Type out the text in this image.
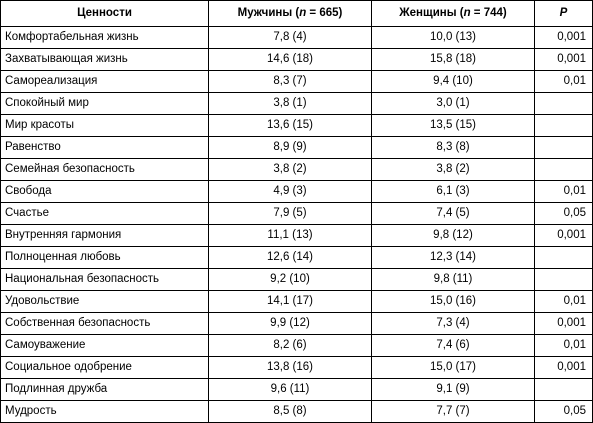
Ценности	Мужчины (n = 665)	Женщины (n = 744)	P
Комфортабельная жизнь	7,8 (4)	10,0 (13)	0,001
Захватывающая жизнь	14,6 (18)	15,8 (18)	0,001
Самореализация	8,3 (7)	9,4 (10)	0,01
Спокойный мир	3,8 (1)	3,0 (1)	
Мир красоты	13,6 (15)	13,5 (15)	
Равенство	8,9 (9)	8,3 (8)	
Семейная безопасность	3,8 (2)	3,8 (2)	
Свобода	4,9 (3)	6,1 (3)	0,01
Счастье	7,9 (5)	7,4 (5)	0,05
Внутренняя гармония	11,1 (13)	9,8 (12)	0,001
Полноценная любовь	12,6 (14)	12,3 (14)	
Национальная безопасность	9,2 (10)	9,8 (11)	
Удовольствие	14,1 (17)	15,0 (16)	0,01
Собственная безопасность	9,9 (12)	7,3 (4)	0,001
Самоуважение	8,2 (6)	7,4 (6)	0,01
Социальное одобрение	13,8 (16)	15,0 (17)	0,001
Подлинная дружба	9,6 (11)	9,1 (9)	
Мудрость	8,5 (8)	7,7 (7)	0,05
